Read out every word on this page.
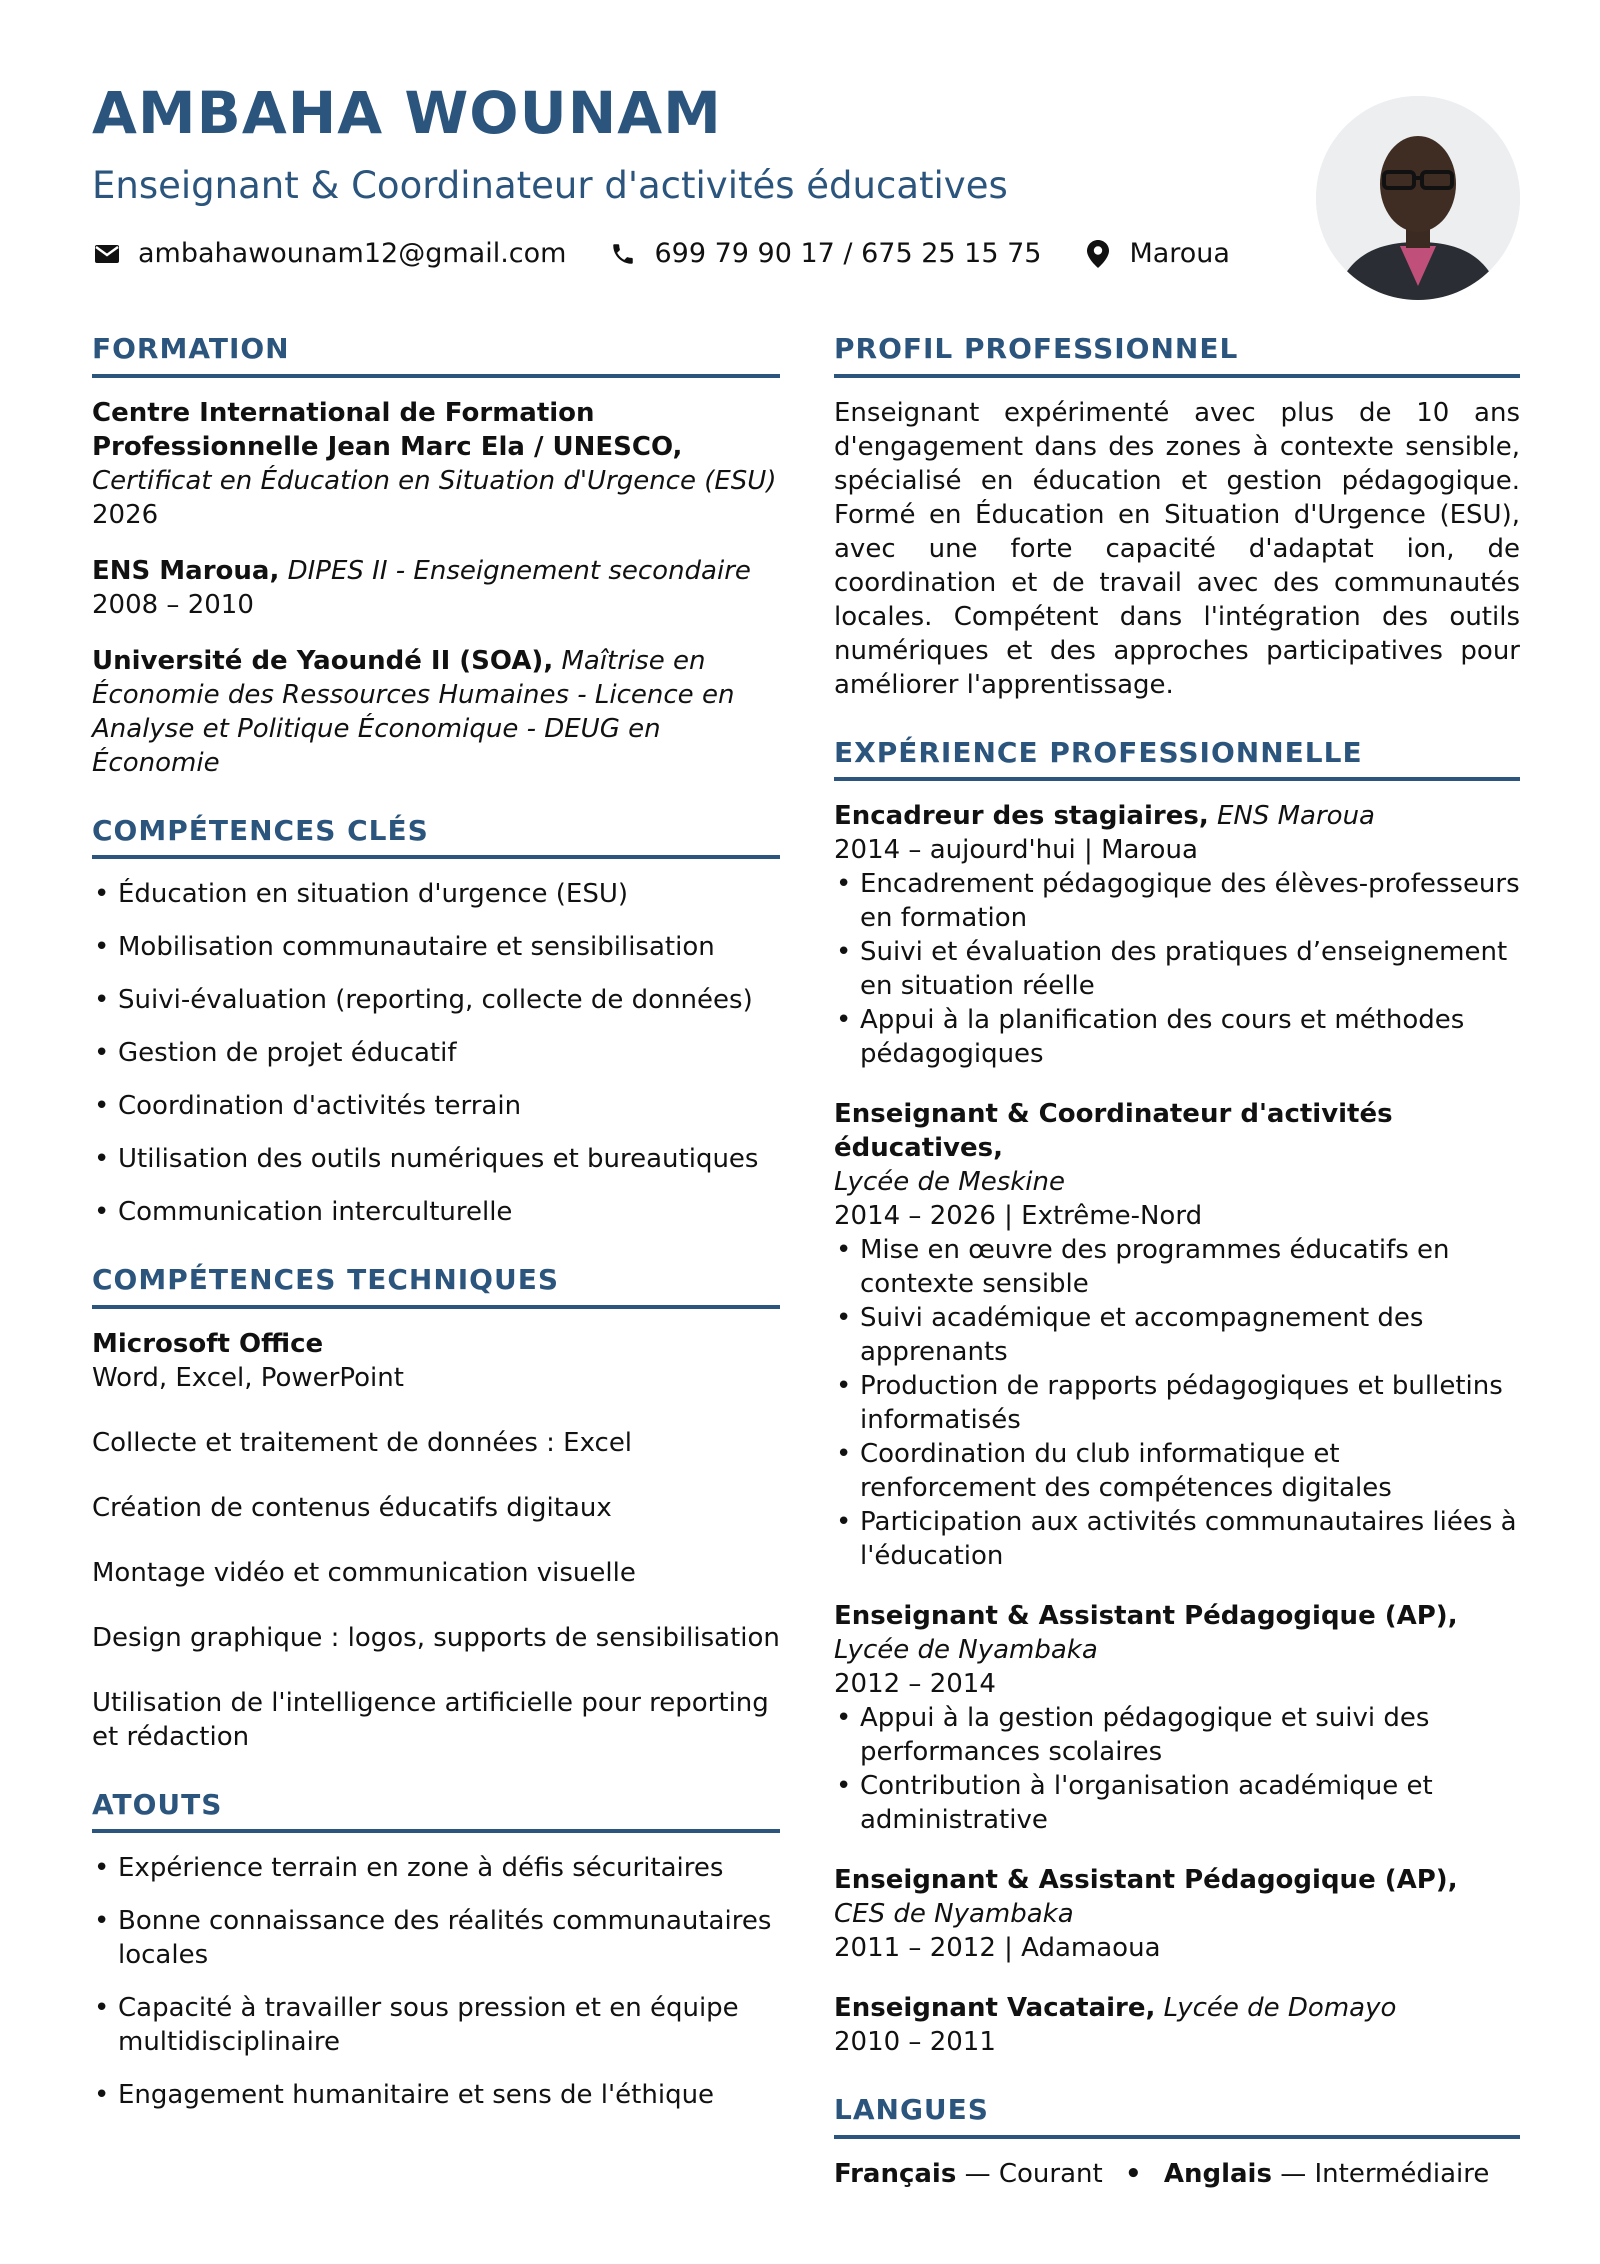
AMBAHA WOUNAM
Enseignant & Coordinateur d'activités éducatives
ambahawounam12@gmail.com	699 79 90 17 / 675 25 15 75	Maroua
FORMATION
Centre International de Formation Professionnelle Jean Marc Ela / UNESCO,
Certificat en Éducation en Situation d'Urgence (ESU)
2026
ENS Maroua, DIPES II - Enseignement secondaire
2008 – 2010
Université de Yaoundé II (SOA), Maîtrise en Économie des Ressources Humaines - Licence en Analyse et Politique Économique - DEUG en Économie
COMPÉTENCES CLÉS
• Éducation en situation d'urgence (ESU)
• Mobilisation communautaire et sensibilisation
• Suivi-évaluation (reporting, collecte de données)
• Gestion de projet éducatif
• Coordination d'activités terrain
• Utilisation des outils numériques et bureautiques
• Communication interculturelle
COMPÉTENCES TECHNIQUES
Microsoft Office
Word, Excel, PowerPoint
Collecte et traitement de données : Excel
Création de contenus éducatifs digitaux
Montage vidéo et communication visuelle
Design graphique : logos, supports de sensibilisation
Utilisation de l'intelligence artificielle pour reporting et rédaction
ATOUTS
• Expérience terrain en zone à défis sécuritaires
• Bonne connaissance des réalités communautaires locales
• Capacité à travailler sous pression et en équipe multidisciplinaire
• Engagement humanitaire et sens de l'éthique
PROFIL PROFESSIONNEL
Enseignant expérimenté avec plus de 10 ans d'engagement dans des zones à contexte sensible, spécialisé en éducation et gestion pédagogique. Formé en Éducation en Situation d'Urgence (ESU), avec une forte capacité d'adaptat ion, de coordination et de travail avec des communautés locales. Compétent dans l'intégration des outils numériques et des approches participatives pour améliorer l'apprentissage.
EXPÉRIENCE PROFESSIONNELLE
Encadreur des stagiaires, ENS Maroua
2014 – aujourd'hui | Maroua
• Encadrement pédagogique des élèves-professeurs en formation
• Suivi et évaluation des pratiques d’enseignement en situation réelle
• Appui à la planification des cours et méthodes pédagogiques
Enseignant & Coordinateur d'activités éducatives,
Lycée de Meskine
2014 – 2026 | Extrême-Nord
• Mise en œuvre des programmes éducatifs en contexte sensible
• Suivi académique et accompagnement des apprenants
• Production de rapports pédagogiques et bulletins informatisés
• Coordination du club informatique et renforcement des compétences digitales
• Participation aux activités communautaires liées à l'éducation
Enseignant & Assistant Pédagogique (AP),
Lycée de Nyambaka
2012 – 2014
• Appui à la gestion pédagogique et suivi des performances scolaires
• Contribution à l'organisation académique et administrative
Enseignant & Assistant Pédagogique (AP),
CES de Nyambaka
2011 – 2012 | Adamaoua
Enseignant Vacataire, Lycée de Domayo
2010 – 2011
LANGUES
Français — Courant • Anglais — Intermédiaire
